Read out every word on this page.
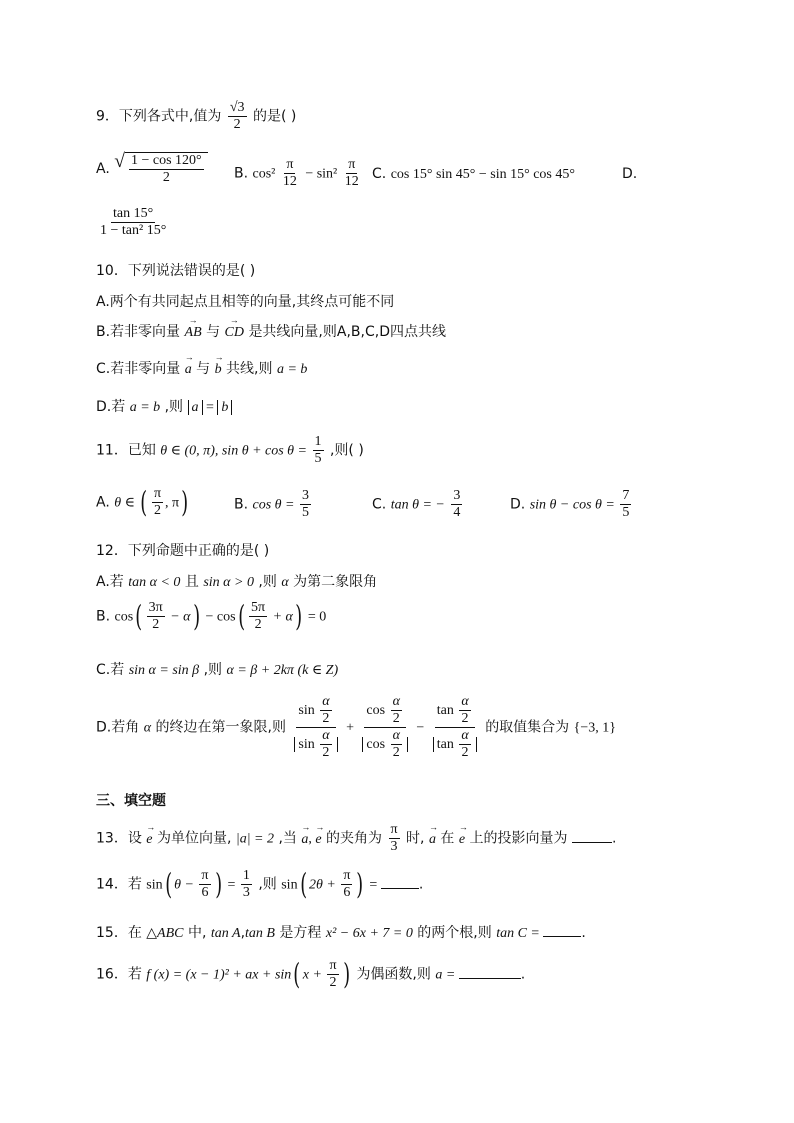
9．下列各式中,值为 $\frac{√3}{2}$ 的是( )
A. √ $\frac{1 - \cos 120^\circ}{2} B$. $\cos^2 \frac{\pi}{12} - \sin^2 \frac{\pi}{12} C$. cos 15° sin 45° − sin 15° cos 45°	D.
$\frac{\tan 15^\circ}{\text{1 − tan² 15°}}$
10．下列说法错误的是( )
A.两个有共同起点且相等的向量,其终点可能不同
B.若非零向量 → AB 与 → CD 是共线向量,则A,B,C,D四点共线
C.若非零向量 → a 与 → b 共线,则 a = b
D.若 a = b ,则 a = b
11．已知 θ ∈ (0, π), $\sin \theta + \cos \theta = \frac{1}{5}$ ,则( )
A. θ ∈ ( $\frac{\pi}{2}$ , π)	B. $\cos \theta = \frac{3}{5}$	C. tan θ = − $\frac{3}{4}$	D. $\sin \theta - \cos \theta = \frac{7}{5}$
12．下列命题中正确的是( )
A.若 tan α < 0 且 sin α > 0 ,则 α 为第二象限角
B. $\cos( \frac{3\pi}{2} - \alpha) - \cos( \frac{5\pi}{2} + \alpha) = 0$
C.若 sin α = sin β ,则 α = β + 2kπ (k ∈ Z)
D.若角 α 的终边在第一象限,则 $\frac{\sin \frac{\alpha}{2}}{\sin \frac{\alpha}{2}} + \frac{\cos \frac{\alpha}{2}}{\cos \frac{\alpha}{2}} - \frac{\tan \frac{\alpha}{2}}{\tan \frac{\alpha}{2}}$ 的取值集合为 {−3, 1}
三、填空题
13．设 → e 为单位向量, |a| = 2 ,当 → a, → e 的夹角为 $\frac{\pi}{3}$ 时, → a 在 → e 上的投影向量为	.
14．若 sin( $\theta - \frac{\pi}{6}$ ) = $\frac{1}{3}$ ,则 sin( $2\theta + \frac{\pi}{6}$ ) =	.
15．在 △ABC 中, tan A,tan B 是方程 x² − 6x + 7 = 0 的两个根,则 tan C =	.
16．若 f (x) = (x − 1)² + ax + sin( $x + \frac{\pi}{2}$ ) 为偶函数,则 a =	.
